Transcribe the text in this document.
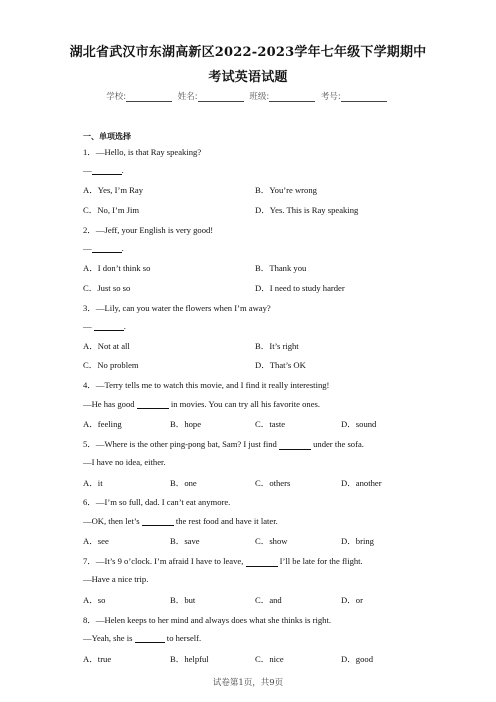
湖北省武汉市东湖高新区2022-2023学年七年级下学期期中
考试英语试题
学校:	姓名:	班级:	考号:
一、单项选择
1．—Hello, is that Ray speaking?
—	.
A．Yes, I’m Ray	B．You’re wrong
C．No, I’m Jim	D．Yes. This is Ray speaking
2．—Jeff, your English is very good!
—	.
A．I don’t think so	B．Thank you
C．Just so so	D．I need to study harder
3．—Lily, can you water the flowers when I’m away?
—	.
A．Not at all	B．It’s right
C．No problem	D．That’s OK
4．—Terry tells me to watch this movie, and I find it really interesting!
—He has good	in movies. You can try all his favorite ones.
A．feeling	B．hope	C．taste	D．sound
5．—Where is the other ping-pong bat, Sam? I just find	under the sofa.
—I have no idea, either.
A．it	B．one	C．others	D．another
6．—I’m so full, dad. I can’t eat anymore.
—OK, then let’s	the rest food and have it later.
A．see	B．save	C．show	D．bring
7．—It’s 9 o’clock. I’m afraid I have to leave,	I’ll be late for the flight.
—Have a nice trip.
A．so	B．but	C．and	D．or
8．—Helen keeps to her mind and always does what she thinks is right.
—Yeah, she is	to herself.
A．true	B．helpful	C．nice	D．good
试卷第1页，共9页
